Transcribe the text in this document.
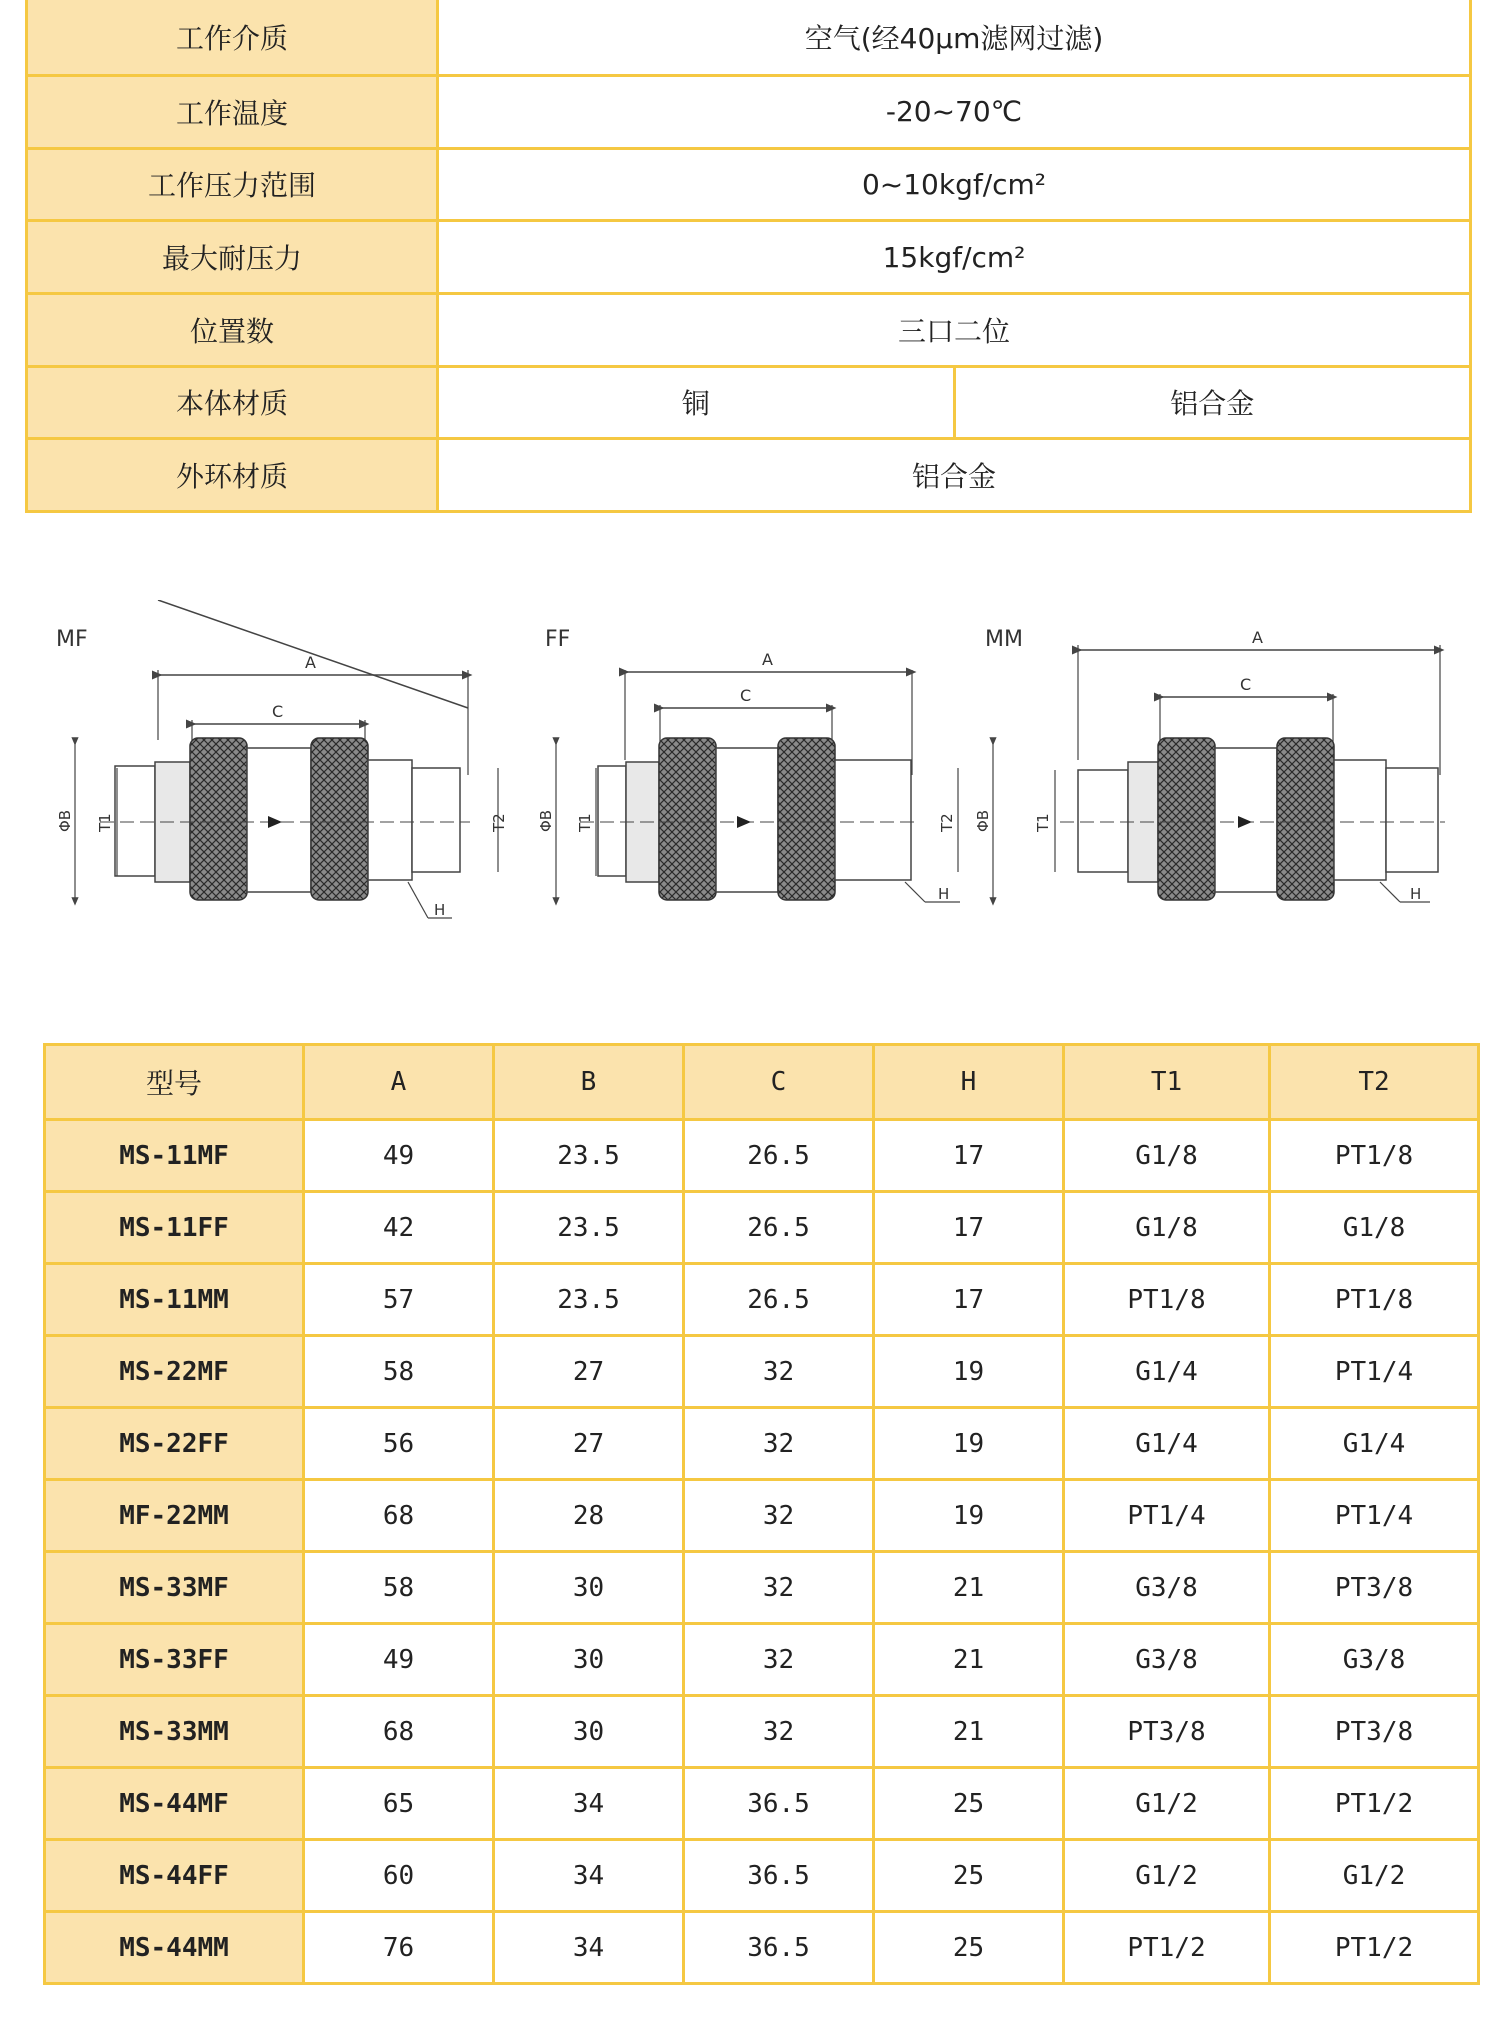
工作介质	空气(经40μm滤网过滤)	
工作温度	-20~70℃	
工作压力范围	0~10kgf/cm²	
最大耐压力	15kgf/cm²	
位置数	三口二位	
本体材质	铜	铝合金
外环材质	铝合金	
MF
A
C
ΦB T1	T2
H
FF
A
C
ΦB T1	T2
H
MM	A
C
ΦB	T1
H
型号	A	B	C	H	T1	T2
MS-11MF	49	23.5	26.5	17	G1/8	PT1/8
MS-11FF	42	23.5	26.5	17	G1/8	G1/8
MS-11MM	57	23.5	26.5	17	PT1/8	PT1/8
MS-22MF	58	27	32	19	G1/4	PT1/4
MS-22FF	56	27	32	19	G1/4	G1/4
MF-22MM	68	28	32	19	PT1/4	PT1/4
MS-33MF	58	30	32	21	G3/8	PT3/8
MS-33FF	49	30	32	21	G3/8	G3/8
MS-33MM	68	30	32	21	PT3/8	PT3/8
MS-44MF	65	34	36.5	25	G1/2	PT1/2
MS-44FF	60	34	36.5	25	G1/2	G1/2
MS-44MM	76	34	36.5	25	PT1/2	PT1/2
